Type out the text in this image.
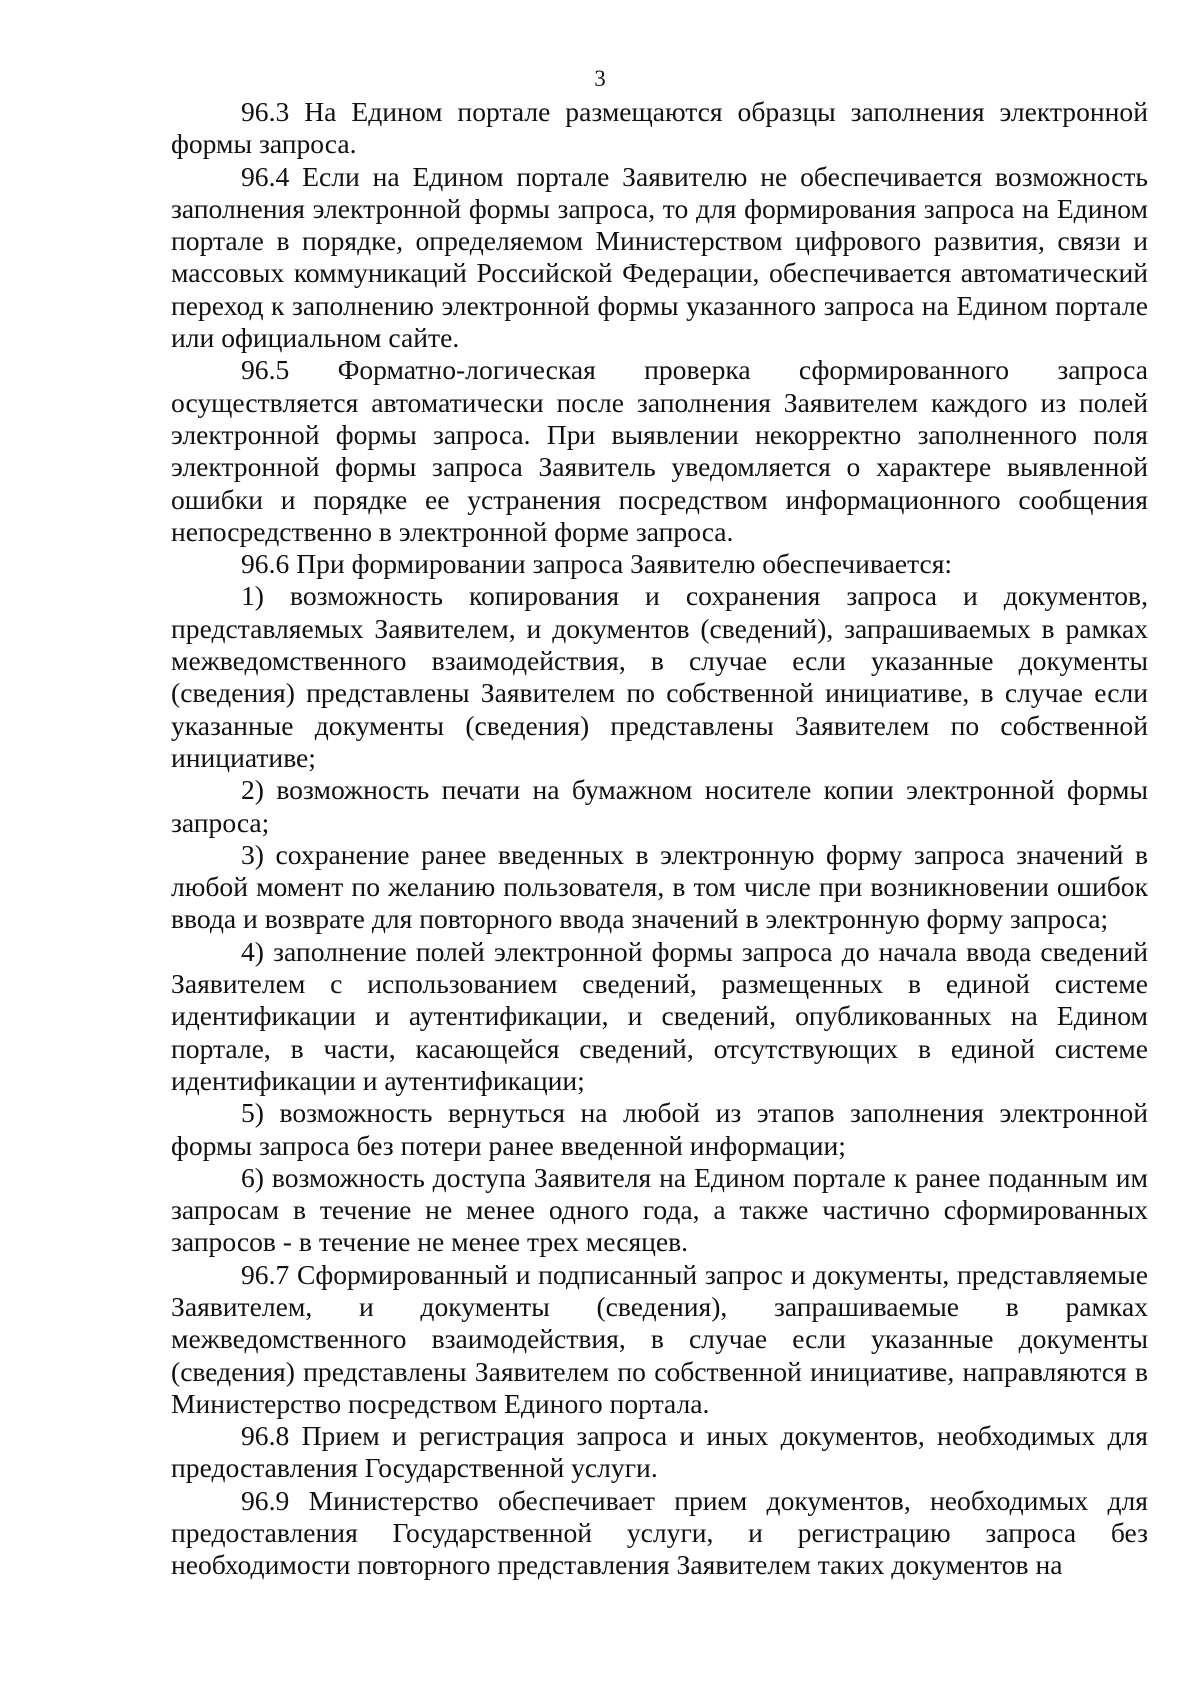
3

96.3 На Едином портале размещаются образцы заполнения электронной формы запроса.

96.4 Если на Едином портале Заявителю не обеспечивается возможность заполнения электронной формы запроса, то для формирования запроса на Едином портале в порядке, определяемом Министерством цифрового развития, связи и массовых коммуникаций Российской Федерации, обеспечивается автоматический переход к заполнению электронной формы указанного запроса на Едином портале или официальном сайте.

96.5 Форматно-логическая проверка сформированного запроса осуществляется автоматически после заполнения Заявителем каждого из полей электронной формы запроса. При выявлении некорректно заполненного поля электронной формы запроса Заявитель уведомляется о характере выявленной ошибки и порядке ее устранения посредством информационного сообщения непосредственно в электронной форме запроса.

96.6 При формировании запроса Заявителю обеспечивается:

1) возможность копирования и сохранения запроса и документов, представляемых Заявителем, и документов (сведений), запрашиваемых в рамках межведомственного взаимодействия, в случае если указанные документы (сведения) представлены Заявителем по собственной инициативе, в случае если указанные документы (сведения) представлены Заявителем по собственной инициативе;

2) возможность печати на бумажном носителе копии электронной формы запроса;

3) сохранение ранее введенных в электронную форму запроса значений в любой момент по желанию пользователя, в том числе при возникновении ошибок ввода и возврате для повторного ввода значений в электронную форму запроса;

4) заполнение полей электронной формы запроса до начала ввода сведений Заявителем с использованием сведений, размещенных в единой системе идентификации и аутентификации, и сведений, опубликованных на Едином портале, в части, касающейся сведений, отсутствующих в единой системе идентификации и аутентификации;

5) возможность вернуться на любой из этапов заполнения электронной формы запроса без потери ранее введенной информации;

6) возможность доступа Заявителя на Едином портале к ранее поданным им запросам в течение не менее одного года, а также частично сформированных запросов - в течение не менее трех месяцев.

96.7 Сформированный и подписанный запрос и документы, представляемые Заявителем, и документы (сведения), запрашиваемые в рамках межведомственного взаимодействия, в случае если указанные документы (сведения) представлены Заявителем по собственной инициативе, направляются в Министерство посредством Единого портала.

96.8 Прием и регистрация запроса и иных документов, необходимых для предоставления Государственной услуги.

96.9 Министерство обеспечивает прием документов, необходимых для предоставления Государственной услуги, и регистрацию запроса без необходимости повторного представления Заявителем таких документов на
